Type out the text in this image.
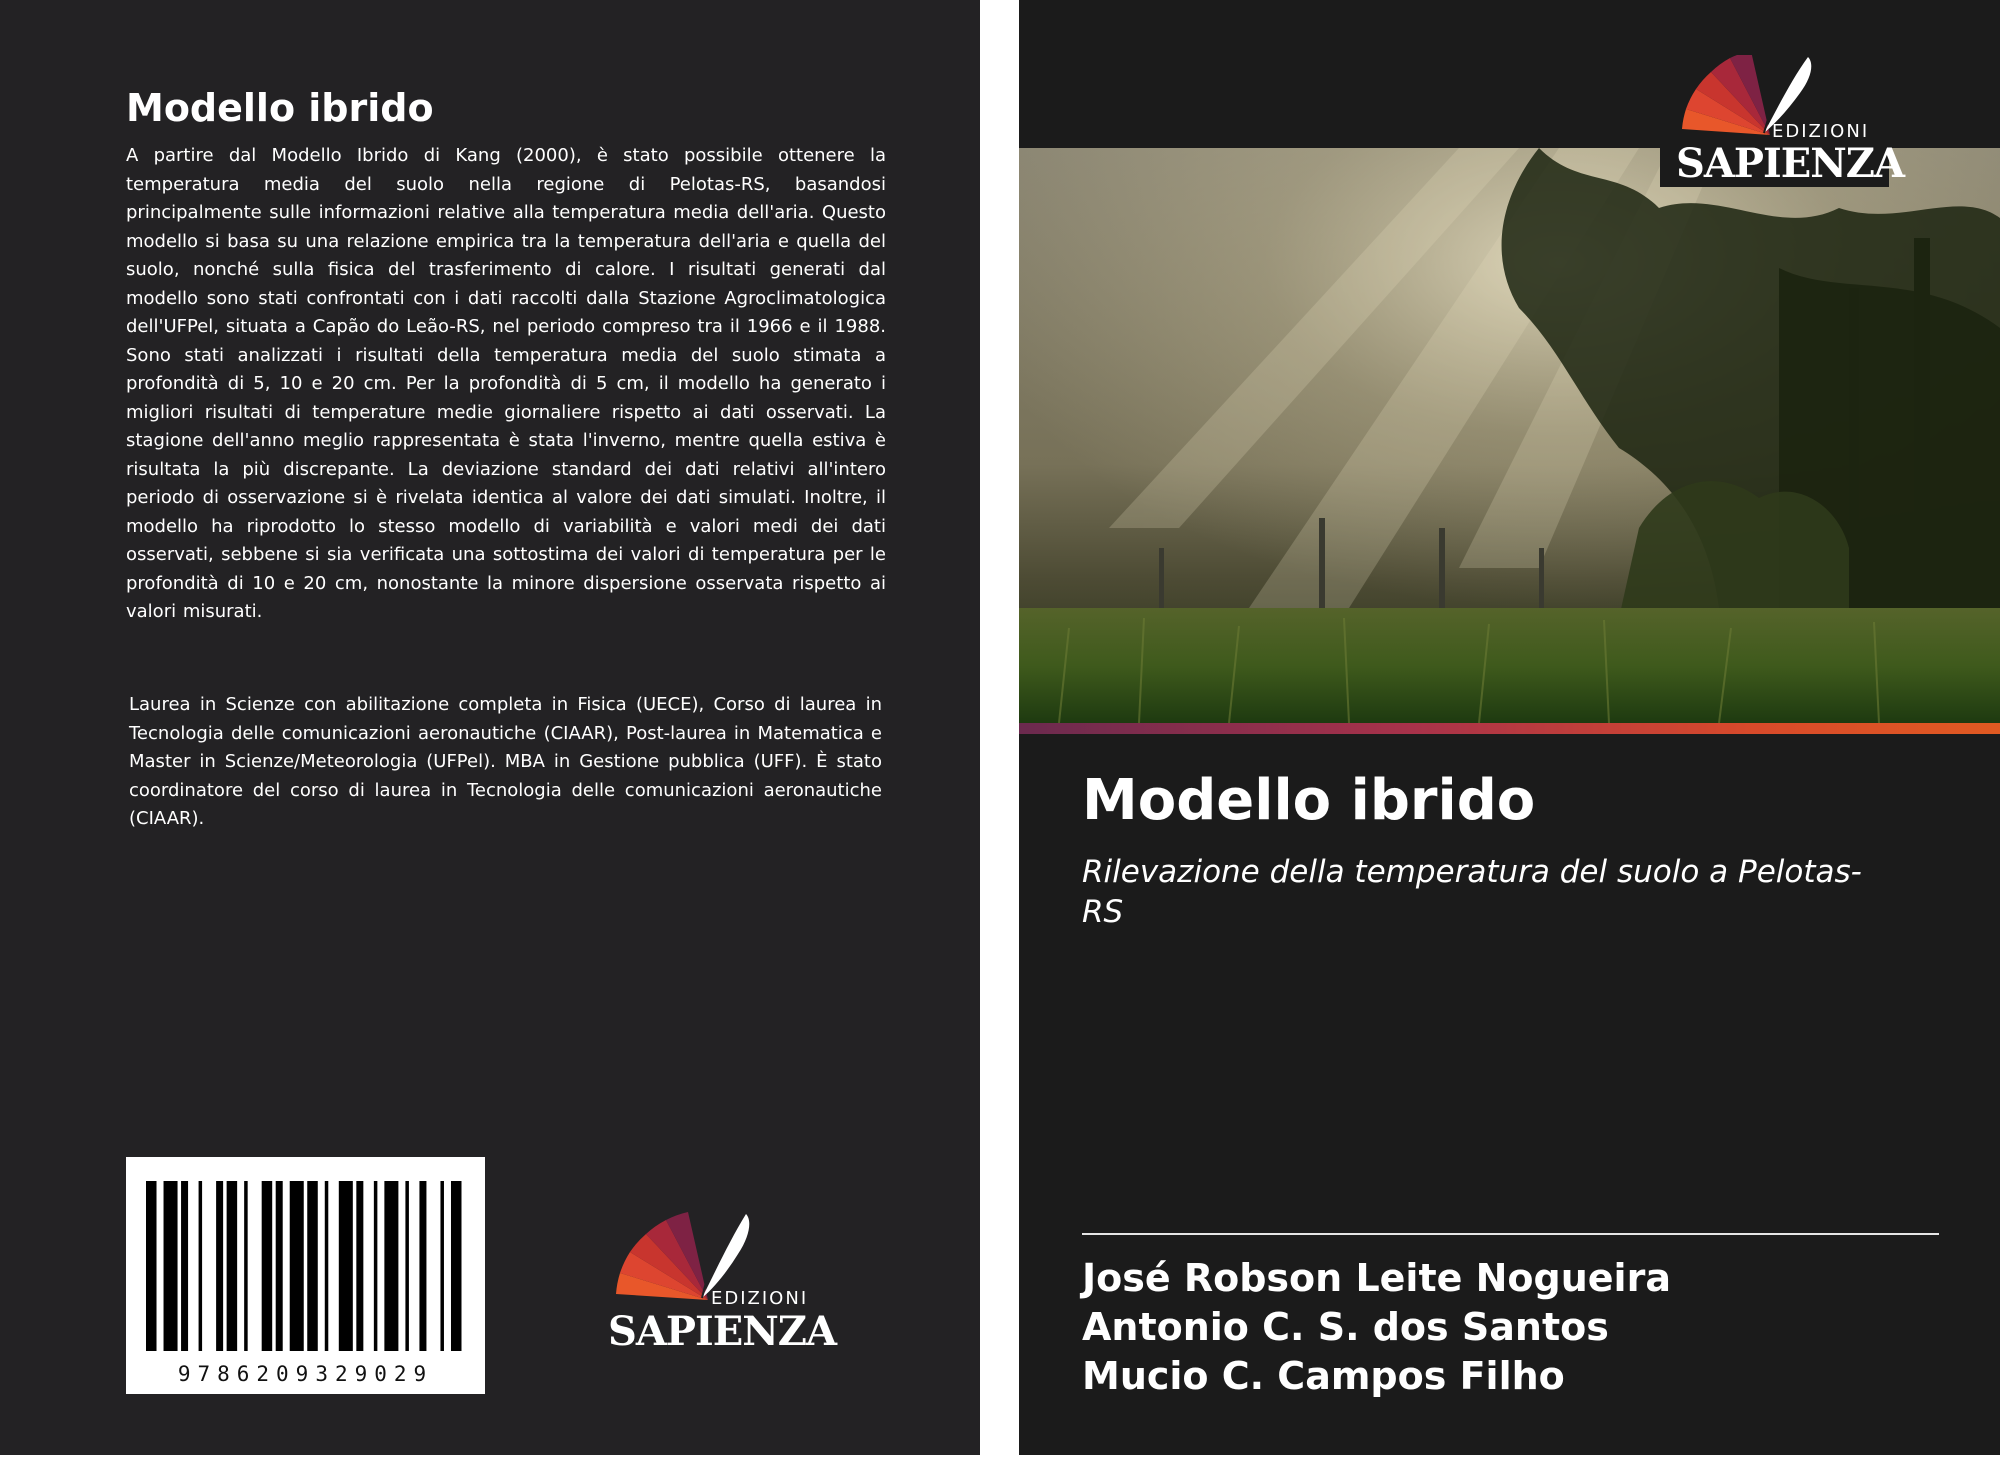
Modello ibrido

A partire dal Modello Ibrido di Kang (2000), è stato possibile ottenere la temperatura media del suolo nella regione di Pelotas-RS, basandosi principalmente sulle informazioni relative alla temperatura media dell'aria. Questo modello si basa su una relazione empirica tra la temperatura dell'aria e quella del suolo, nonché sulla fisica del trasferimento di calore. I risultati generati dal modello sono stati confrontati con i dati raccolti dalla Stazione Agroclimatologica dell'UFPel, situata a Capão do Leão-RS, nel periodo compreso tra il 1966 e il 1988. Sono stati analizzati i risultati della temperatura media del suolo stimata a profondità di 5, 10 e 20 cm. Per la profondità di 5 cm, il modello ha generato i migliori risultati di temperature medie giornaliere rispetto ai dati osservati. La stagione dell'anno meglio rappresentata è stata l'inverno, mentre quella estiva è risultata la più discrepante. La deviazione standard dei dati relativi all'intero periodo di osservazione si è rivelata identica al valore dei dati simulati. Inoltre, il modello ha riprodotto lo stesso modello di variabilità e valori medi dei dati osservati, sebbene si sia verificata una sottostima dei valori di temperatura per le profondità di 10 e 20 cm, nonostante la minore dispersione osservata rispetto ai valori misurati.

Laurea in Scienze con abilitazione completa in Fisica (UECE), Corso di laurea in Tecnologia delle comunicazioni aeronautiche (CIAAR), Post-laurea in Matematica e Master in Scienze/Meteorologia (UFPel). MBA in Gestione pubblica (UFF). È stato coordinatore del corso di laurea in Tecnologia delle comunicazioni aeronautiche (CIAAR).

9786209329029
EDIZIONI
SAPIENZA
EDIZIONI
SAPIENZA
Modello ibrido

Rilevazione della temperatura del suolo a Pelotas-RS

José Robson Leite Nogueira
Antonio C. S. dos Santos
Mucio C. Campos Filho
